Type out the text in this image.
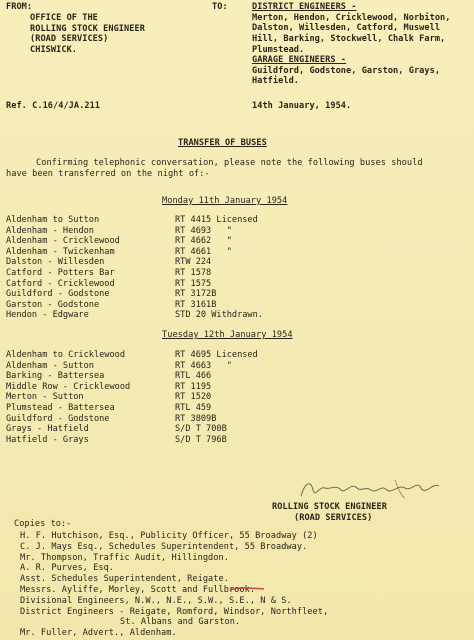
FROM:
OFFICE OF THE
ROLLING STOCK ENGINEER
(ROAD SERVICES)
CHISWICK.
TO:	DISTRICT ENGINEERS -
Merton, Hendon, Cricklewood, Norbiton,
Dalston, Willesden, Catford, Muswell
Hill, Barking, Stockwell, Chalk Farm,
Plumstead.
GARAGE ENGINEERS -
Guildford, Godstone, Garston, Grays,
Hatfield.
Ref. C.16/4/JA.211	14th January, 1954.
TRANSFER OF BUSES
Confirming telephonic conversation, please note the following buses should
have been transferred on the night of:-
Monday 11th January 1954
Aldenham to Sutton	RT 4415 Licensed
Aldenham - Hendon	RT 4693   "
Aldenham - Cricklewood	RT 4662   "
Aldenham - Twickenham	RT 4661   "
Dalston - Willesden	RTW 224
Catford - Potters Bar	RT 1578
Catford - Cricklewood	RT 1575
Guildford - Godstone	RT 3172B
Garston - Godstone	RT 3161B
Hendon - Edgware	STD 20 Withdrawn.
Tuesday 12th January 1954
Aldenham to Cricklewood	RT 4695 Licensed
Aldenham - Sutton	RT 4663   "
Barking - Battersea	RTL 466
Middle Row - Cricklewood	RT 1195
Merton - Sutton	RT 1520
Plumstead - Battersea	RTL 459
Guildford - Godstone	RT 3809B
Grays - Hatfield	S/D T 700B
Hatfield - Grays	S/D T 796B
ROLLING STOCK ENGINEER
(ROAD SERVICES)
Copies to:-
H. F. Hutchison, Esq., Publicity Officer, 55 Broadway (2)
C. J. Mays Esq., Schedules Superintendent, 55 Broadway.
Mr. Thompson, Traffic Audit, Hillingdon.
A. R. Purves, Esq.
Asst. Schedules Superintendent, Reigate.
Messrs. Ayliffe, Morley, Scott and Fullbrook.
Divisional Engineers, N.W., N.E., S.W., S.E., N & S.
District Engineers - Reigate, Romford, Windsor, Northfleet,
St. Albans and Garston.
Mr. Fuller, Advert., Aldenham.
